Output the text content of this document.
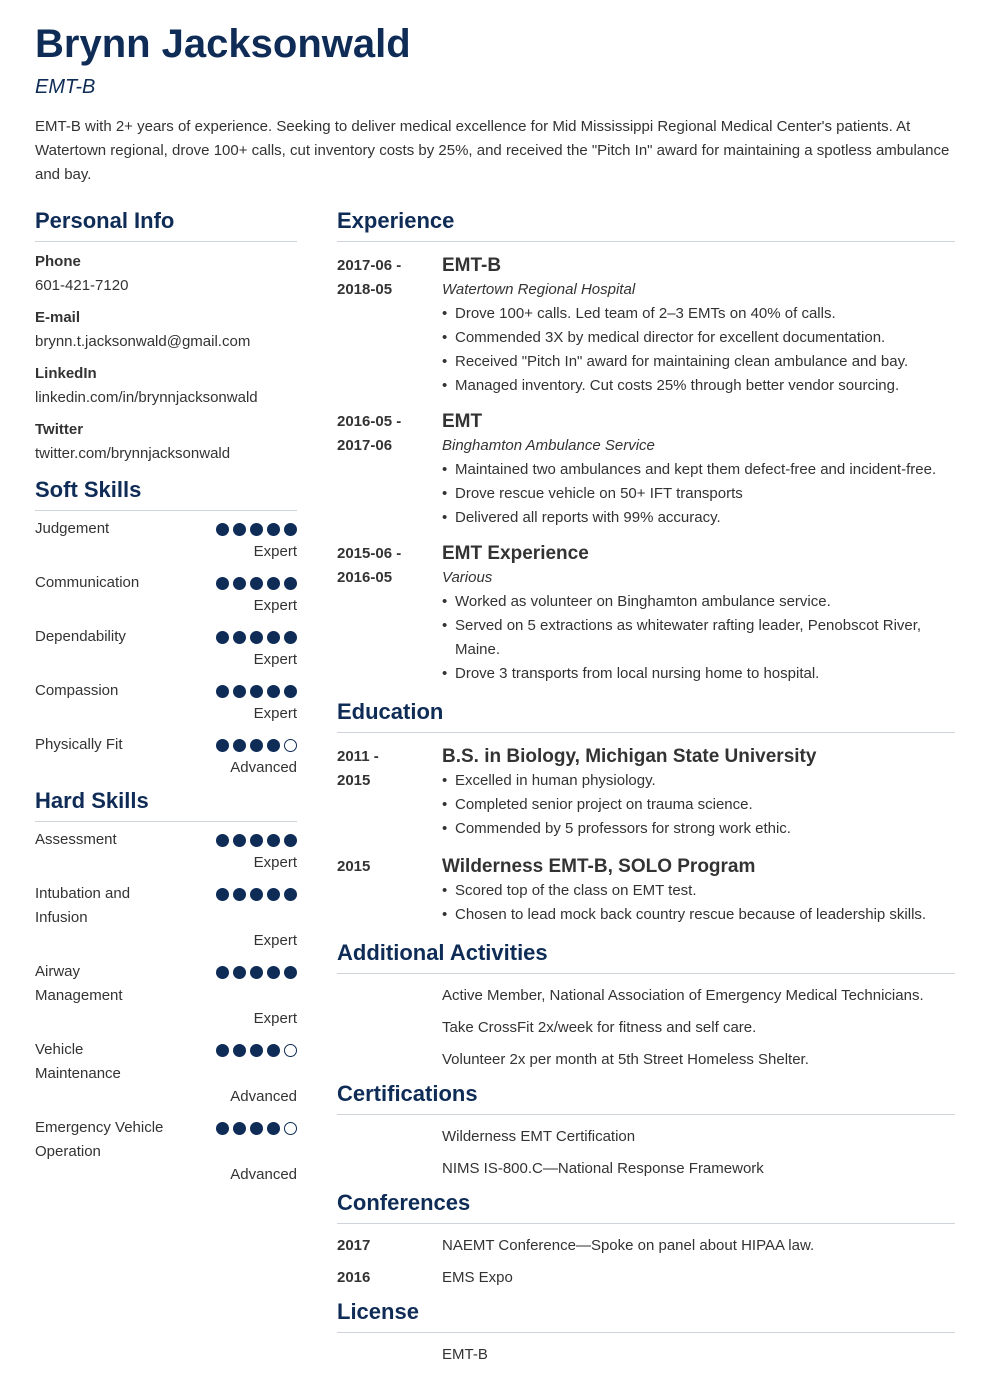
Brynn Jacksonwald
EMT-B
EMT-B with 2+ years of experience. Seeking to deliver medical excellence for Mid Mississippi Regional Medical Center's patients. At Watertown regional, drove 100+ calls, cut inventory costs by 25%, and received the "Pitch In" award for maintaining a spotless ambulance and bay.
Personal Info
Phone
601-421-7120
E-mail
brynn.t.jacksonwald@gmail.com
LinkedIn
linkedin.com/in/brynnjacksonwald
Twitter
twitter.com/brynnjacksonwald
Soft Skills
Judgement
Expert
Communication
Expert
Dependability
Expert
Compassion
Expert
Physically Fit
Advanced
Hard Skills
Assessment
Expert
Intubation and Infusion
Expert
Airway Management
Expert
Vehicle Maintenance
Advanced
Emergency Vehicle Operation
Advanced
Experience
2017-06 -
2018-05
EMT-B
Watertown Regional Hospital
• Drove 100+ calls. Led team of 2–3 EMTs on 40% of calls.
• Commended 3X by medical director for excellent documentation.
• Received "Pitch In" award for maintaining clean ambulance and bay.
• Managed inventory. Cut costs 25% through better vendor sourcing.
2016-05 -
2017-06
EMT
Binghamton Ambulance Service
• Maintained two ambulances and kept them defect-free and incident-free.
• Drove rescue vehicle on 50+ IFT transports
• Delivered all reports with 99% accuracy.
2015-06 -
2016-05
EMT Experience
Various
• Worked as volunteer on Binghamton ambulance service.
• Served on 5 extractions as whitewater rafting leader, Penobscot River, Maine.
• Drove 3 transports from local nursing home to hospital.
Education
2011 -
2015
B.S. in Biology, Michigan State University
• Excelled in human physiology.
• Completed senior project on trauma science.
• Commended by 5 professors for strong work ethic.
2015	Wilderness EMT-B, SOLO Program
• Scored top of the class on EMT test.
• Chosen to lead mock back country rescue because of leadership skills.
Additional Activities
Active Member, National Association of Emergency Medical Technicians.
Take CrossFit 2x/week for fitness and self care.
Volunteer 2x per month at 5th Street Homeless Shelter.
Certifications
Wilderness EMT Certification
NIMS IS-800.C—National Response Framework
Conferences
2017	NAEMT Conference—Spoke on panel about HIPAA law.
2016	EMS Expo
License
EMT-B
